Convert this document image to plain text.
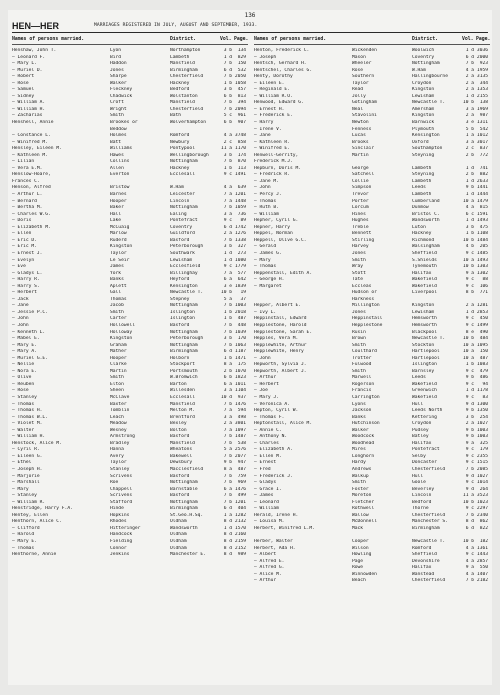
136
HEN—HER	MARRIAGES REGISTERED IN JULY, AUGUST AND SEPTEMBER, 1933.
Names of persons married.	District.	Vol. Page.
Henshaw, John T.	Lyon	Northampton	3 b	134
— Leonard F.	Bird	Lambeth	1 d	829
— Mary L.	Haddon	Mansfield	7 b	150
— Muriel D.	Jones	Birmingham	6 d	532
— Robert	Sharpe	Chesterfield	7 b 2050
— Rose	Walker	Hackney	1 b 1058
— Samuel	Fleckney	Bedford	3 b	457
— Sidney	Chadwick	Wolstanton	6 b	813
— William A.	Croft	Mansfield	7 b	394
— William H.	Wright	Chesterfield	7 b 2094
— Zacharias	Smith	Bath	5 c	961
Henshell, Annie	Brookes or	Wolverhampton	6 b	907
Beddow
— Constance L.	Holmes	Romford	4 a 3748
— Winifred M.	Batt	Newbury	2 c	858
Hensley, Eileen M.	Williams	Pontypool	11 a 1170
— Kathleen M.	Hawes	Wellingborough	3 b	174
— Lilian	Collins	Nottingham	7 b	870
— Vera E.M.	Allen	Hackney	1 b	113
Henslow-Hoare,	Everton	Ecclesall	9 c 1491
Frances C.
Henson, Alfred	Bristow	W.Ham	4 a	639
— Arthur L.	Barnes	Leicester	7 a 1201
— Bernard	Hooper	Lincoln	7 a 1448
— Bertha M.	Baker	Nottingham	7 b 1059
— Charles W.G.	Hall	Ealing	3 a	736
— Doris	Lake	Pontefract	9 c	89
— Elizabeth M.	McCuaig	Coventry	6 d 1742
— Ellen	Marlow	Guildford	2 a 1276
— Eric D.	Ruderd	Basford	7 b 1338
— Eric M.	Kingston	Peterborough	3 b	327
— Ernest J.	Taylor	Southwark	1 d	273
— Evelyn	Le Seir	Lewisham	1 d 1080
— Eve	James	Ecclesfield	9 c 1779
— Gladys L.	York	Billinghay	7 a	577
— Harry R.	Banks	Heyford	6 a	642
— Harry S.	Aplett	Kensington	3 e 1839
— Herbert	Gall	Newcastle T.	10 b	19
— Jack	Thomas	Stepney	5 a	37
— Jane	Jacob	Nottingham	7 b 1003
— Jessie P.C.	Smith	Islington	1 b 2018
— John	Carter	Islington	1 b	487
— John	Hollowell	Basford	7 b	448
— Kenneth L.	Holloway	Nottingham	7 b 1039
— Mabel E.	Kingston	Peterborough	3 b	170
— Mary E.	Graham	Nottingham	7 b 1063
— Mary A.	Mather	Birmingham	6 d 1187
— Muriel G.E.	Hooper	Holborn	1 b 1471
— Nellie	Clarke	Stockport	8 a	175
— Nora E.	Martin	Portsmouth	2 b 1070
— Olive	Smith	W.Bromwich	6 b 1823
— Reuben	Elton	Barton	6 a 1011
— Rose	Sheen	Willesden	3 a 1104
— Stanley	McClave	Ecclesall	10 d	937
— Thomas	Baxter	Mansfield	7 b 1476
— Thomas H.	Tomblin	Melton M.	7 a	594
— Thomas W.L.	Leach	Brentford	3 a	498
— Violet M.	Meadow	Bexley	2 a 3801
— Walter	Wesney	Bolton	7 a 1097
— William H.	Armstrong	Basford	7 b 1487
Henstock, Alice M.	Bradley	Mansfield	7 b	538
— Cyril R.	Hanna	Wheatons	5 a 2576
— Eileen G.	Avery	Bakewell	7 b 2077
— Ethel	Taylor	Dewsbury	9 b	947
— Joseph H.	Stanley	Macclesfield	8 a	487
— Marjorie	Scrivens	Basford	7 b	759
— Marshall	Roe	Nottingham	7 b	969
— Mary	Chappell	Barnstable	6 a 1476
— Stanley	Scrivens	Basford	7 b	499
— William R.	Stafford	Nottingham	7 b 1201
Henstridge, Harry F.A.	Hinde	Birmingham	6 d	404
Hentey, Ellen	Hopkins	St.Geo.H.Sq.	1 a 1282
Henthorn, Alice C.	Rhodes	Oldham	8 d 2132
— Clifford	Hitteringer	Wandsworth	1 d 1570
— Harold	Handcock	Oldham	8 d 2160
— Mary E.	Fielding	Oldham	8 d 2159
— Thomas	Connor	Oldham	8 d 2152
Henthorne, Annie	Jenkins	Manchester E.	8 d	989
Names of persons married.	District.	Vol. Page.
Henton, Frederick C.	Wickenden	Woolwich	1 d 3036
— Joseph	Mason	Coventry	6 d 2000
Hentsch, Gerhard H.	Wheeler	Nottingham	7 b	923
Hentschel, Charles G.	Rose	W.Ham	4 a 1959
Henty, Dorothy	Southern	Hallingbourne	2 a 3135
— Eileen E.	Taylor	Croydon	2 a	344
— Reginald E.	Read	Kingston	2 a 1353
— William R.O.	Jolly	Lewisham	1 d 2155
Henwood, Edward G.	Gotingham	Newcastle T.	10 b	138
— Ernest H.	Neal	Amersham	3 a 1969
— Frederick E.	Stavolini	Kingston	2 a	987
— Harry	Newton	Barnwick	3 e 1311
— Irene V.	Fenness	Plymouth	5 b	542
— Jane	Lucas	Kensington	1 a 1012
— Kathleen R.	Brooks	Oxford	3 a 3017
— Winifred E.	Sinclair	Southampton	2 c	837
Henwell-Gerrity,	Martin	Steyning	2 b	772
Frederick M.J.
Hepburn, Doris M.	George	Lambeth	1 d	741
— Fredrick R.	Satchell	Steyning	2 b	882
— Jane M.	Collie	Lambeth	1 d 2633
— John	Simpson	Leeds	9 b 1441
— Percy J.	Trevor	Lambeth	1 d 1444
— Thomas	Porter	Cumberland	10 a 1479
— Ruth B.	Lorcum	Dunmow	4 a	815
— William	Hines	Bristol C.	6 c 1591
Hepher, Cyril G.	Hughes	Wandsworth	1 d 1493
Hepner, Harry	Treble	Luton	3 b	475
Heppel, Norman	Bennett	Hackney	1 b 1108
Heppell, Olive G.C.	Stirling	Richmond	10 b 1484
— Gerald	Harvey	Walsingham	4 b	205
— James G.	Jones	Sheffield	9 c 1485
— Mary	Smith	S.Shields	10 a 1493
— Thomas	Wray	Tynemouth	10 b 1303
Heppenstall, Edith A.	Stott	Halifax	9 a 1302
— George H.	Tate	Wakefield	9 c	88
— Margaret	Eccleas	Wakefield	9 c	106
Hudson or	Liverpool	8 b	771
Harkness
Hepper, Albert E.	Millington	Kingston	2 a 1281
— Ivy L.	Jones	Lewisham	1 d 2853
Heppinstall, Edward	Heppinstall	Hemsworth	9 c	450
Hepplestone, Harold	Hepplestone	Hemsworth	9 c 1499
Hepplestone, Sarah E.	Rusin	Blackpool	8 e	490
Hepples, Vera M.	Brown	Newcastle T.	10 b	484
Hepplewhite, Arthur	Smith	Stockton	10 a 1095
Hepplewhite, Henry	Coulthard	Hartlepool	10 a	150
— John	Trotter	Hartlepool	10 a	487
Hepworth, Sylvia J.	Fulwood	Islington	1 b 1083
Hepworth, Albert J.	Smith	Barnsley	9 c	479
— Arthur	Marwell	Leeds	9 b	486
— Herbert	Rogerson	Wakefield	9 c	94
— Joe	Francis	Greenwich	1 d 1178
— Mary J.	Carrington	Wakefield	9 c	83
— Veronica A.	Lyons	Hull	9 d 1300
Hepton, Cyril W.	Jackson	Leeds North	9 b 1350
— Thomas F.	Banks	Kettering	3 b	254
Heptonstall, Alice M.	Hutchinson	Croydon	2 a 1027
— Annie C.	Walker	Pudsey	9 b 1003
— Anthony N.	Woodcock	Batley	9 b 1003
— Charles	Woodhead	Halifax	9 a	325
— Elizabeth A.	Mires	Pontefract	9 c	179
— Ellen M.	Longhorn	Selby	9 c 2355
— Ernest	Hardy	Doncaster	9 c 1515
— Fred	Andrews	Chesterfield	7 b 2085
— Frederick J.	Walkup	Hull	9 d 1027
— Gladys	Smith	Goole	9 c 1014
— Grace I.	Foster	Beverley	9 d	264
— James	Moreton	Lincoln	11 a 3523
— Leonard	Fletcher	Bedford	10 b 1023
— William	Rothwell	Thorne	9 c 2297
Herald, Irene H.	Wallow	Chesterfield	7 b 2340
— Louisa M.	McDonnell	Manchester S.	8 d	862
Herbert, Winifred L.M.	Mack	Birmingham	6 d	822
Herber, Walter	Cooper	Newcastle T.	10 b	182
Herbert, Ada H.	Wilson	Romford	4 a 1361
— Albert	Howling	Sheffield	9 c 1443
— Alfred E.	Page	Devonshire	4 a 2857
— Alfred G.	Rowe	Halifax	9 a	550
— Alice M.	Winnowden	Wanstead	4 a 1407
— Arthur	Beach	Chesterfield	7 b 2182
